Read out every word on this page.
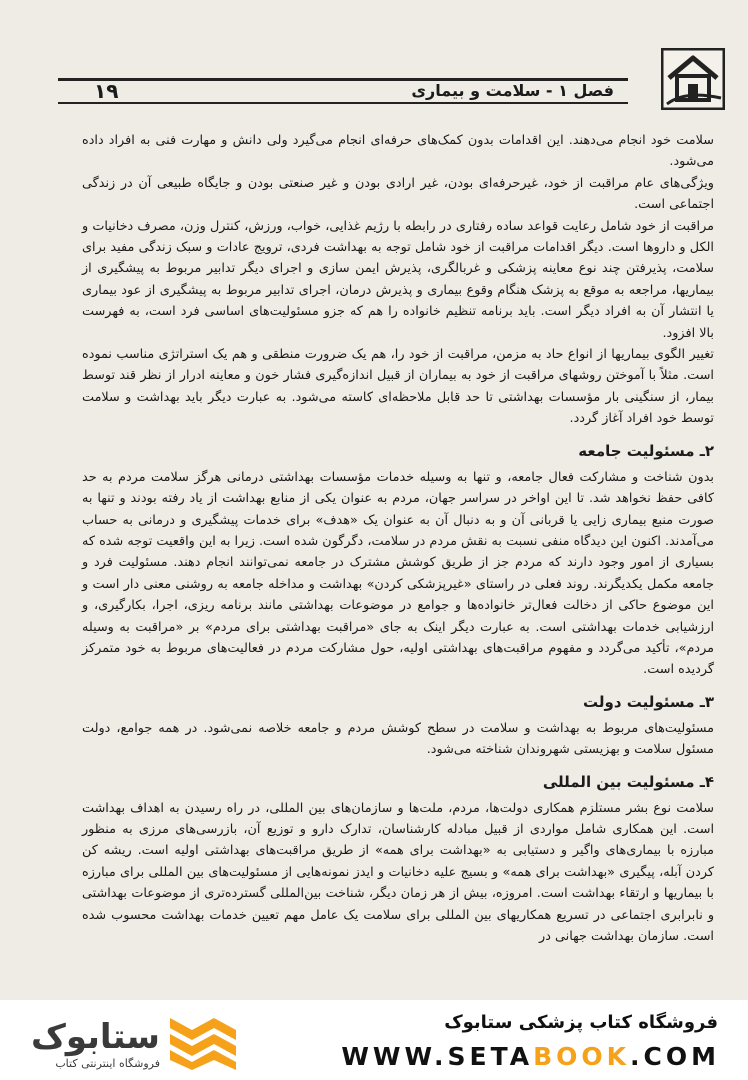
۱۹	فصل ۱ - سلامت و بیماری

سلامت خود انجام می‌دهند. این اقدامات بدون کمک‌های حرفه‌ای انجام می‌گیرد ولی دانش و مهارت فنی به افراد داده می‌شود.

ویژگی‌های عام مراقبت از خود، غیرحرفه‌ای بودن، غیر ارادی بودن و غیر صنعتی بودن و جایگاه طبیعی آن در زندگی اجتماعی است.

مراقبت از خود شامل رعایت قواعد ساده رفتاری در رابطه با رژیم غذایی، خواب، ورزش، کنترل وزن، مصرف دخانیات و الکل و داروها است. دیگر اقدامات مراقبت از خود شامل توجه به بهداشت فردی، ترویج عادات و سبک زندگی مفید برای سلامت، پذیرفتن چند نوع معاینه پزشکی و غربالگری، پذیرش ایمن سازی و اجرای دیگر تدابیر مربوط به پیشگیری از بیماریها، مراجعه به موقع به پزشک هنگام وقوع بیماری و پذیرش درمان، اجرای تدابیر مربوط به پیشگیری از عود بیماری یا انتشار آن به افراد دیگر است. باید برنامه تنظیم خانواده را هم که جزو مسئولیت‌های اساسی فرد است، به فهرست بالا افزود.

تغییر الگوی بیماریها از انواع حاد به مزمن، مراقبت از خود را، هم یک ضرورت منطقی و هم یک استراتژی مناسب نموده است. مثلاً با آموختن روشهای مراقبت از خود به بیماران از قبیل اندازه‌گیری فشار خون و معاینه ادرار از نظر قند توسط بیمار، از سنگینی بار مؤسسات بهداشتی تا حد قابل ملاحظه‌ای کاسته می‌شود. به عبارت دیگر باید بهداشت و سلامت توسط خود افراد آغاز گردد.

۲ـ مسئولیت جامعه

بدون شناخت و مشارکت فعال جامعه، و تنها به وسیله خدمات مؤسسات بهداشتی درمانی هرگز سلامت مردم به حد کافی حفظ نخواهد شد. تا این اواخر در سراسر جهان، مردم به عنوان یکی از منابع بهداشت از یاد رفته بودند و تنها به صورت منبع بیماری زایی یا قربانی آن و به دنبال آن به عنوان یک «هدف» برای خدمات پیشگیری و درمانی به حساب می‌آمدند. اکنون این دیدگاه منفی نسبت به نقش مردم در سلامت، دگرگون شده است. زیرا به این واقعیت توجه شده که بسیاری از امور وجود دارند که مردم جز از طریق کوشش مشترک در جامعه نمی‌توانند انجام دهند. مسئولیت فرد و جامعه مکمل یکدیگرند. روند فعلی در راستای «غیرپزشکی کردن» بهداشت و مداخله جامعه به روشنی معنی دار است و این موضوع حاکی از دخالت فعال‌تر خانواده‌ها و جوامع در موضوعات بهداشتی مانند برنامه ریزی، اجرا، بکارگیری، و ارزشیابی خدمات بهداشتی است. به عبارت دیگر اینک به جای «مراقبت بهداشتی برای مردم» بر «مراقبت به وسیله مردم»، تأکید می‌گردد و مفهوم مراقبت‌های بهداشتی اولیه، حول مشارکت مردم در فعالیت‌های مربوط به خود متمرکز گردیده است.

۳ـ مسئولیت دولت

مسئولیت‌های مربوط به بهداشت و سلامت در سطح کوشش مردم و جامعه خلاصه نمی‌شود. در همه جوامع، دولت مسئول سلامت و بهزیستی شهروندان شناخته می‌شود.

۴ـ مسئولیت بین المللی

سلامت نوع بشر مستلزم همکاری دولت‌ها، مردم، ملت‌ها و سازمان‌های بین المللی، در راه رسیدن به اهداف بهداشت است. این همکاری شامل مواردی از قبیل مبادله کارشناسان، تدارک دارو و توزیع آن، بازرسی‌های مرزی به منظور مبارزه با بیماری‌های واگیر و دستیابی به «بهداشت برای همه» از طریق مراقبت‌های بهداشتی اولیه است. ریشه کن کردن آبله، پیگیری «بهداشت برای همه» و بسیج علیه دخانیات و ایدز نمونه‌هایی از مسئولیت‌های بین المللی برای مبارزه با بیماریها و ارتقاء بهداشت است. امروزه، بیش از هر زمان دیگر، شناخت بین‌المللی گسترده‌تری از موضوعات بهداشتی و نابرابری اجتماعی در تسریع همکاریهای بین المللی برای سلامت یک عامل مهم تعیین خدمات بهداشت محسوب شده است. سازمان بهداشت جهانی در

ستابوک
فروشگاه اینترنتی کتاب
فروشگاه کتاب پزشکی ستابوک
WWW.SETABOOK.COM
